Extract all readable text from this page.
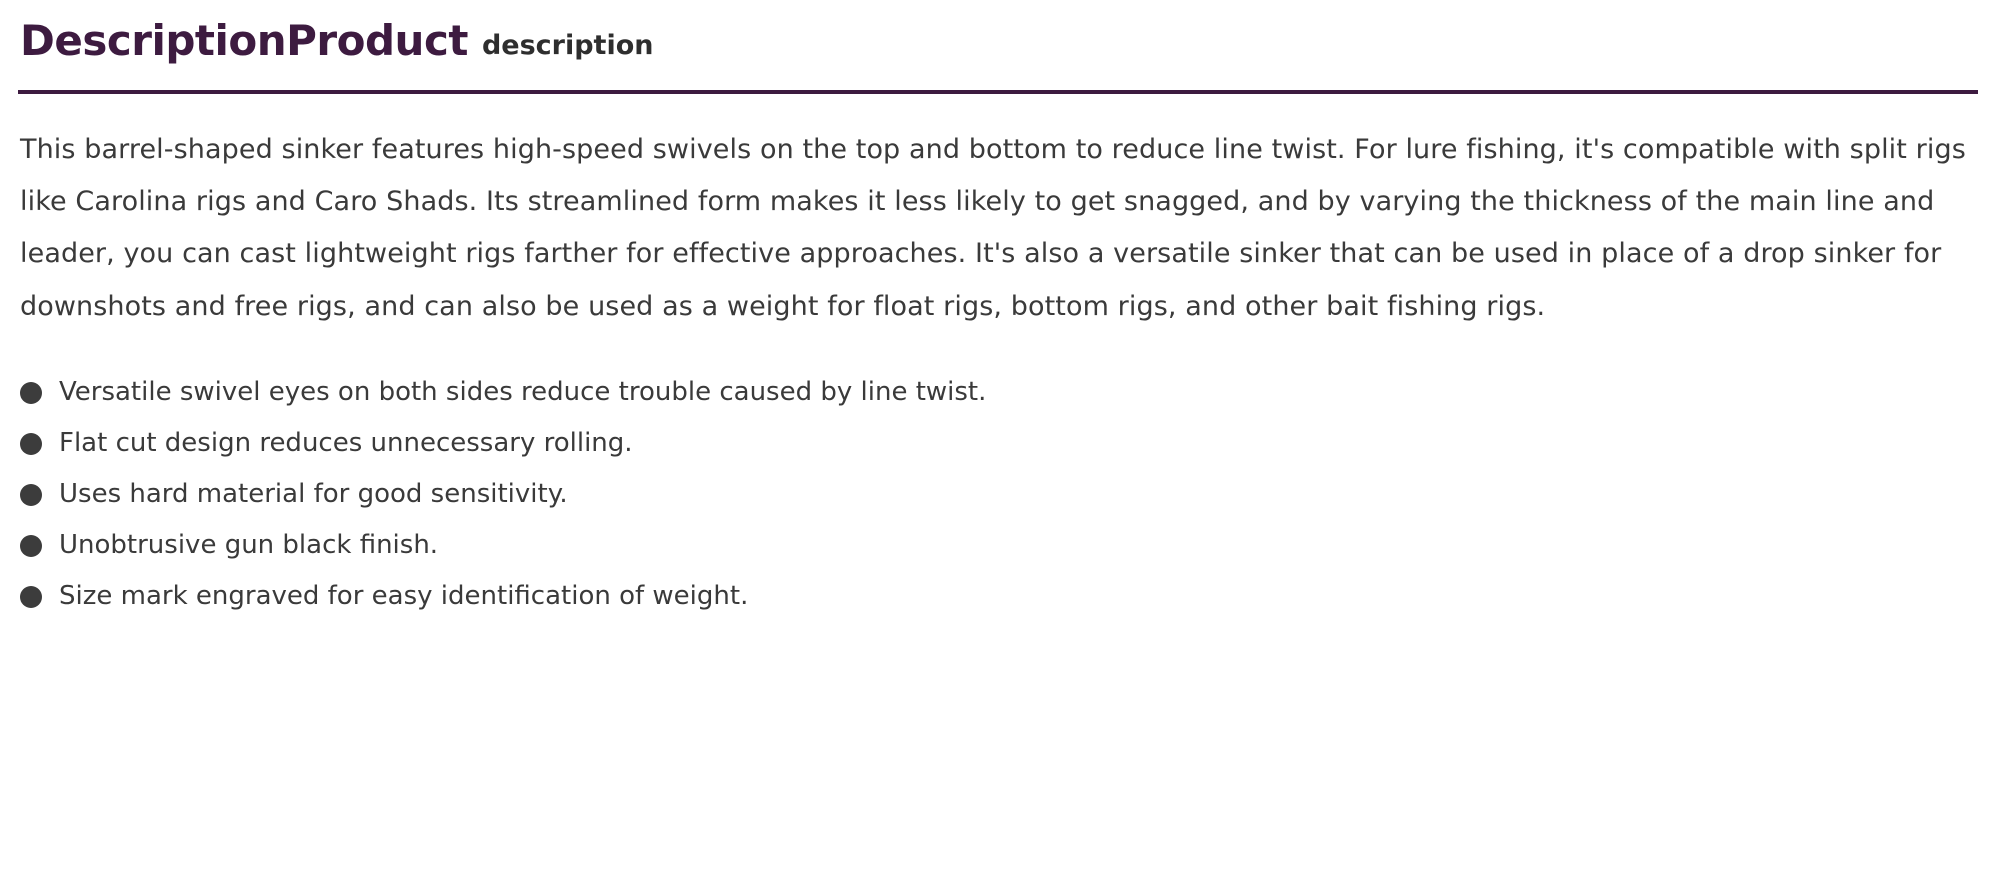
DescriptionProduct description

This barrel-shaped sinker features high-speed swivels on the top and bottom to reduce line twist. For lure fishing, it's compatible with split rigs like Carolina rigs and Caro Shads. Its streamlined form makes it less likely to get snagged, and by varying the thickness of the main line and leader, you can cast lightweight rigs farther for effective approaches. It's also a versatile sinker that can be used in place of a drop sinker for downshots and free rigs, and can also be used as a weight for float rigs, bottom rigs, and other bait fishing rigs.

Versatile swivel eyes on both sides reduce trouble caused by line twist.
Flat cut design reduces unnecessary rolling.
Uses hard material for good sensitivity.
Unobtrusive gun black finish.
Size mark engraved for easy identification of weight.
